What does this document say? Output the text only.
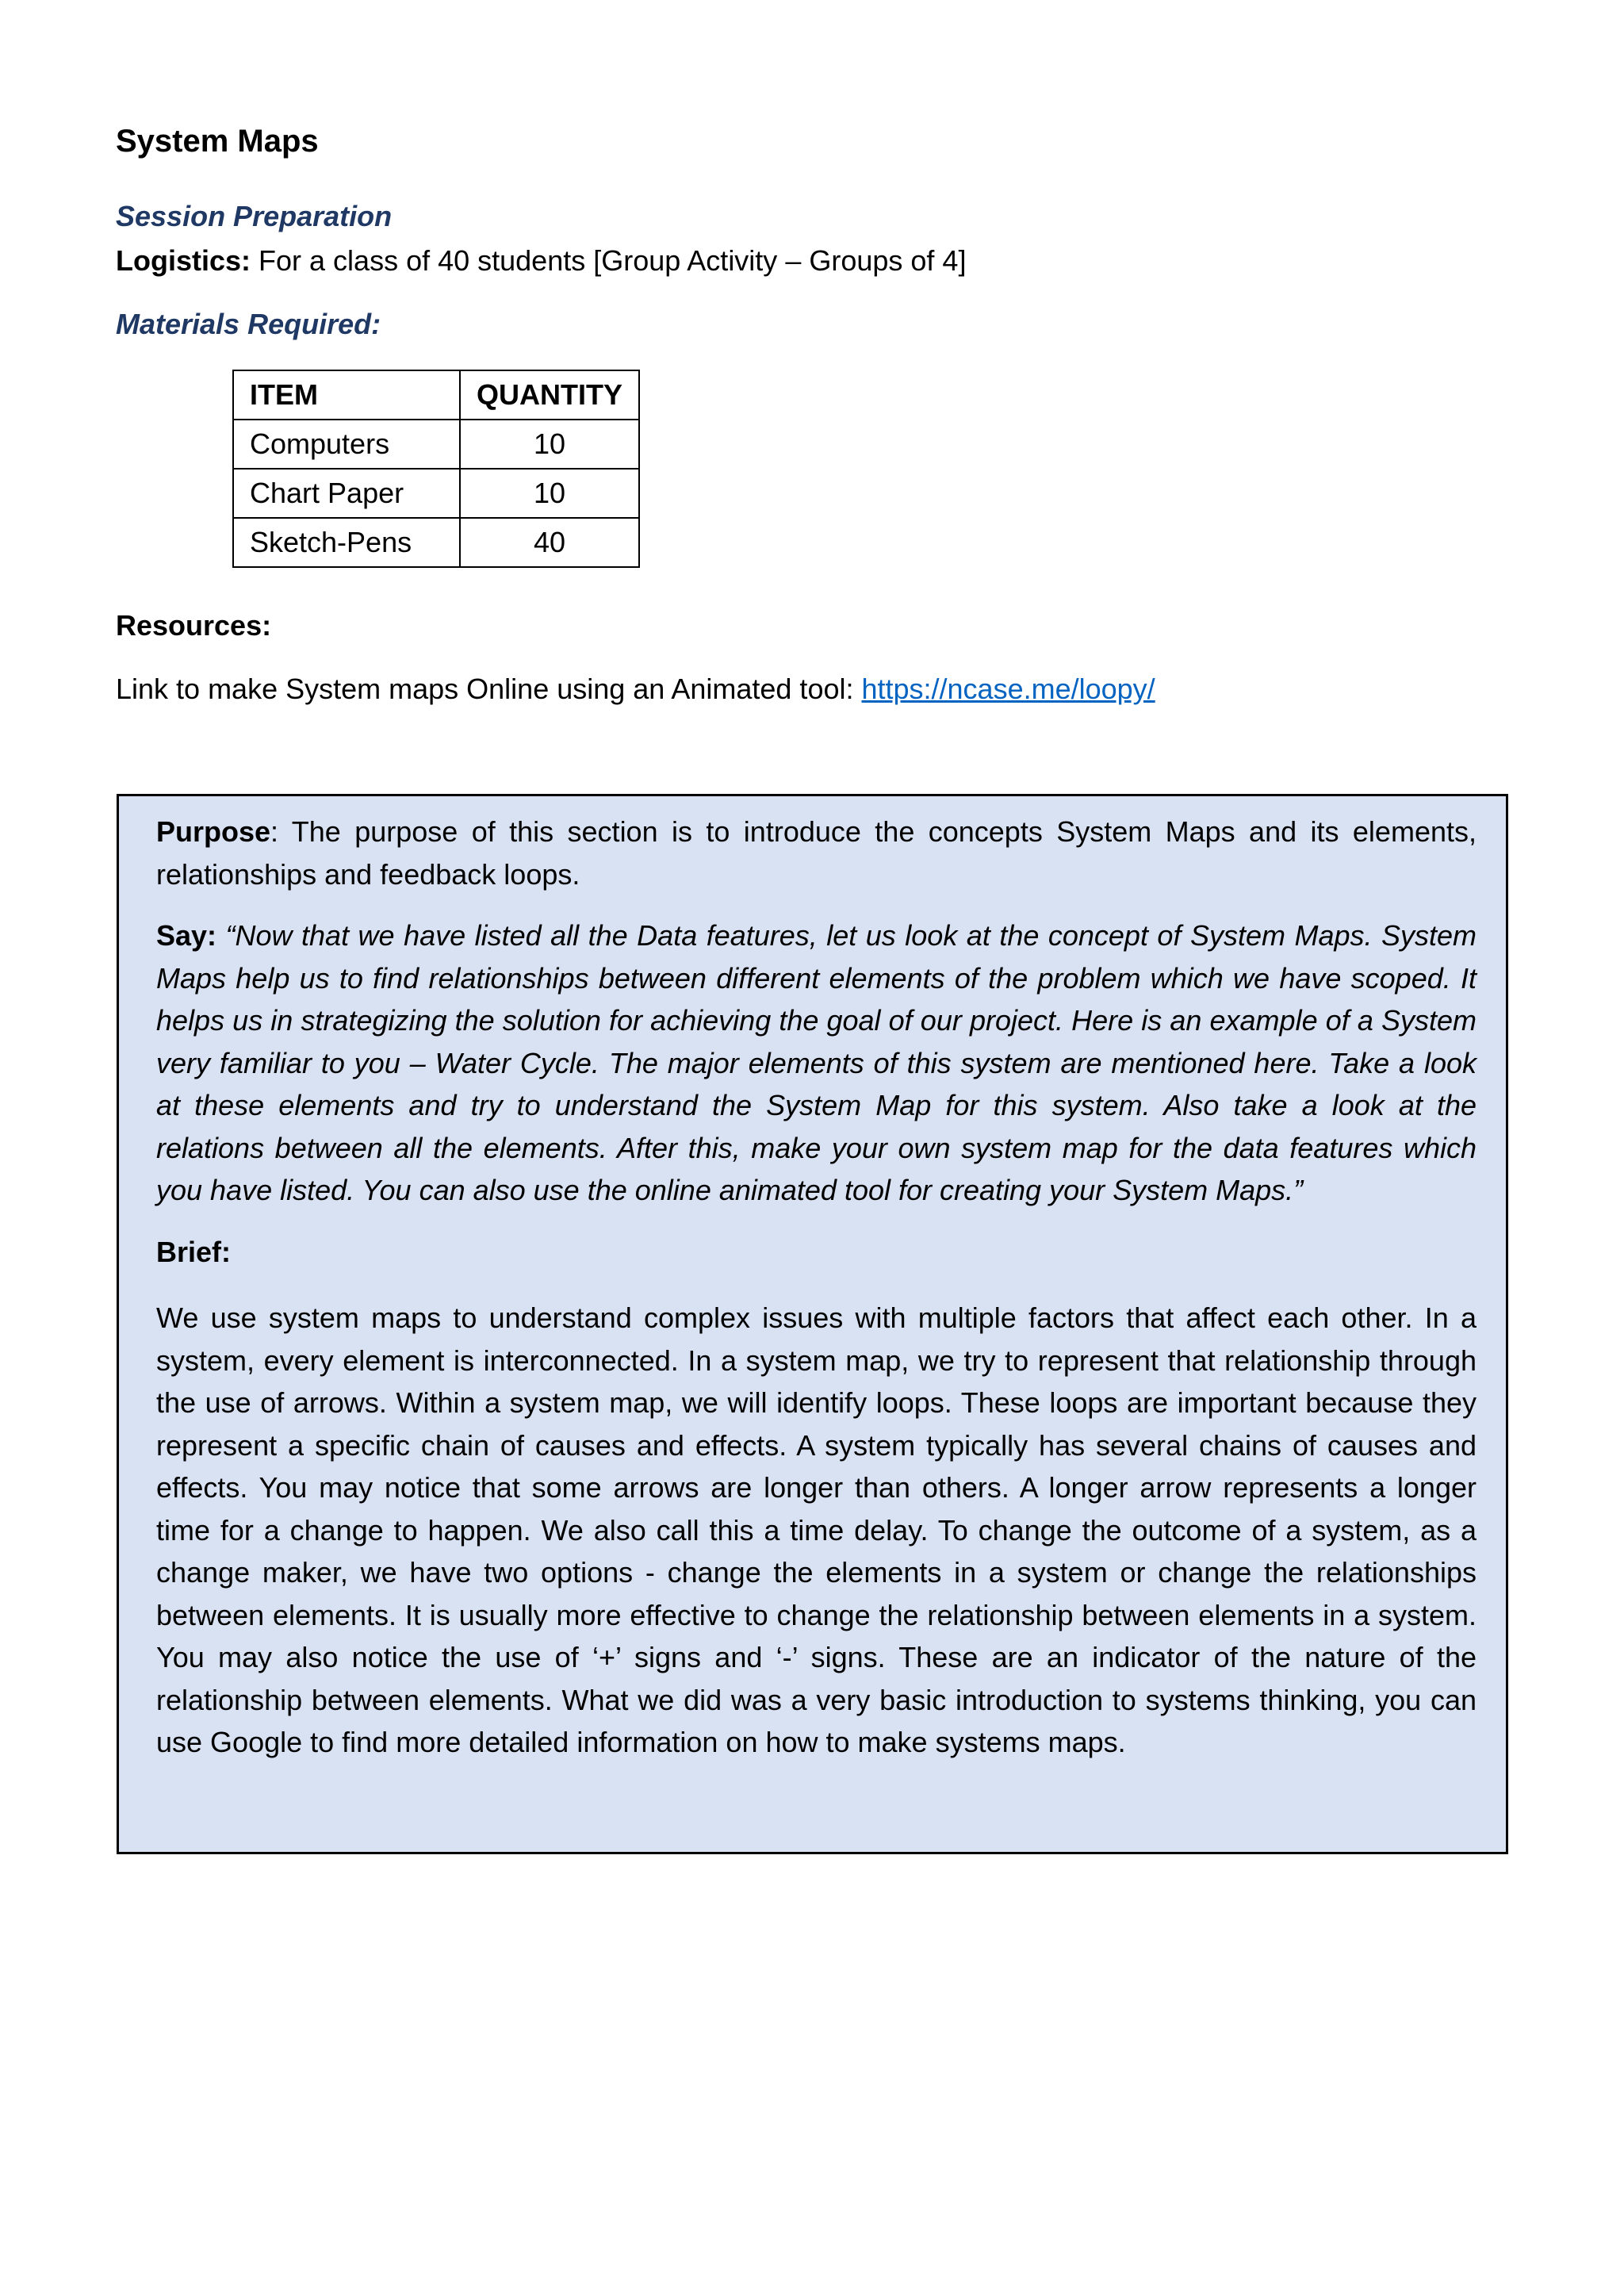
System Maps
Session Preparation
Logistics: For a class of 40 students [Group Activity – Groups of 4]
Materials Required:
ITEM	QUANTITY
Computers	10
Chart Paper	10
Sketch-Pens	40
Resources:
Link to make System maps Online using an Animated tool: https://ncase.me/loopy/

Purpose: The purpose of this section is to introduce the concepts System Maps and its elements, relationships and feedback loops.

Say: “Now that we have listed all the Data features, let us look at the concept of System Maps. System Maps help us to find relationships between different elements of the problem which we have scoped. It helps us in strategizing the solution for achieving the goal of our project. Here is an example of a System very familiar to you – Water Cycle. The major elements of this system are mentioned here. Take a look at these elements and try to understand the System Map for this system. Also take a look at the relations between all the elements. After this, make your own system map for the data features which you have listed. You can also use the online animated tool for creating your System Maps.”

Brief:

We use system maps to understand complex issues with multiple factors that affect each other. In a system, every element is interconnected. In a system map, we try to represent that relationship through the use of arrows. Within a system map, we will identify loops. These loops are important because they represent a specific chain of causes and effects. A system typically has several chains of causes and effects. You may notice that some arrows are longer than others. A longer arrow represents a longer time for a change to happen. We also call this a time delay. To change the outcome of a system, as a change maker, we have two options - change the elements in a system or change the relationships between elements. It is usually more effective to change the relationship between elements in a system. You may also notice the use of ‘+’ signs and ‘-’ signs. These are an indicator of the nature of the relationship between elements. What we did was a very basic introduction to systems thinking, you can use Google to find more detailed information on how to make systems maps.
